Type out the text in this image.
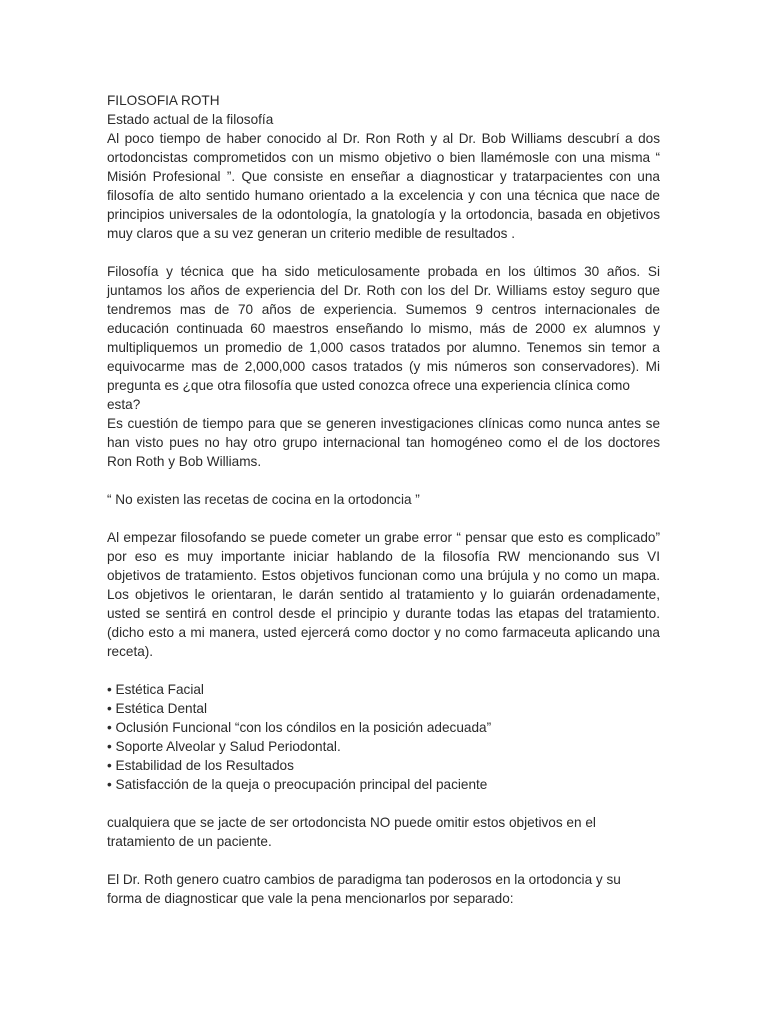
FILOSOFIA ROTH
Estado actual de la filosofía
Al poco tiempo de haber conocido al Dr. Ron Roth y al Dr. Bob Williams descubrí a dos
ortodoncistas comprometidos con un mismo objetivo o bien llamémosle con una misma “
Misión Profesional ”. Que consiste en enseñar a diagnosticar y tratarpacientes con una
filosofía de alto sentido humano orientado a la excelencia y con una técnica que nace de
principios universales de la odontología, la gnatología y la ortodoncia, basada en objetivos
muy claros que a su vez generan un criterio medible de resultados .
Filosofía y técnica que ha sido meticulosamente probada en los últimos 30 años. Si
juntamos los años de experiencia del Dr. Roth con los del Dr. Williams estoy seguro que
tendremos mas de 70 años de experiencia. Sumemos 9 centros internacionales de
educación continuada 60 maestros enseñando lo mismo, más de 2000 ex alumnos y
multipliquemos un promedio de 1,000 casos tratados por alumno. Tenemos sin temor a
equivocarme mas de 2,000,000 casos tratados (y mis números son conservadores). Mi
pregunta es ¿que otra filosofía que usted conozca ofrece una experiencia clínica como
esta?
Es cuestión de tiempo para que se generen investigaciones clínicas como nunca antes se
han visto pues no hay otro grupo internacional tan homogéneo como el de los doctores
Ron Roth y Bob Williams.
“ No existen las recetas de cocina en la ortodoncia ”
Al empezar filosofando se puede cometer un grabe error “ pensar que esto es complicado”
por eso es muy importante iniciar hablando de la filosofía RW mencionando sus VI
objetivos de tratamiento. Estos objetivos funcionan como una brújula y no como un mapa.
Los objetivos le orientaran, le darán sentido al tratamiento y lo guiarán ordenadamente,
usted se sentirá en control desde el principio y durante todas las etapas del tratamiento.
(dicho esto a mi manera, usted ejercerá como doctor y no como farmaceuta aplicando una
receta).
• Estética Facial
• Estética Dental
• Oclusión Funcional “con los cóndilos en la posición adecuada”
• Soporte Alveolar y Salud Periodontal.
• Estabilidad de los Resultados
• Satisfacción de la queja o preocupación principal del paciente
cualquiera que se jacte de ser ortodoncista NO puede omitir estos objetivos en el
tratamiento de un paciente.
El Dr. Roth genero cuatro cambios de paradigma tan poderosos en la ortodoncia y su
forma de diagnosticar que vale la pena mencionarlos por separado:
